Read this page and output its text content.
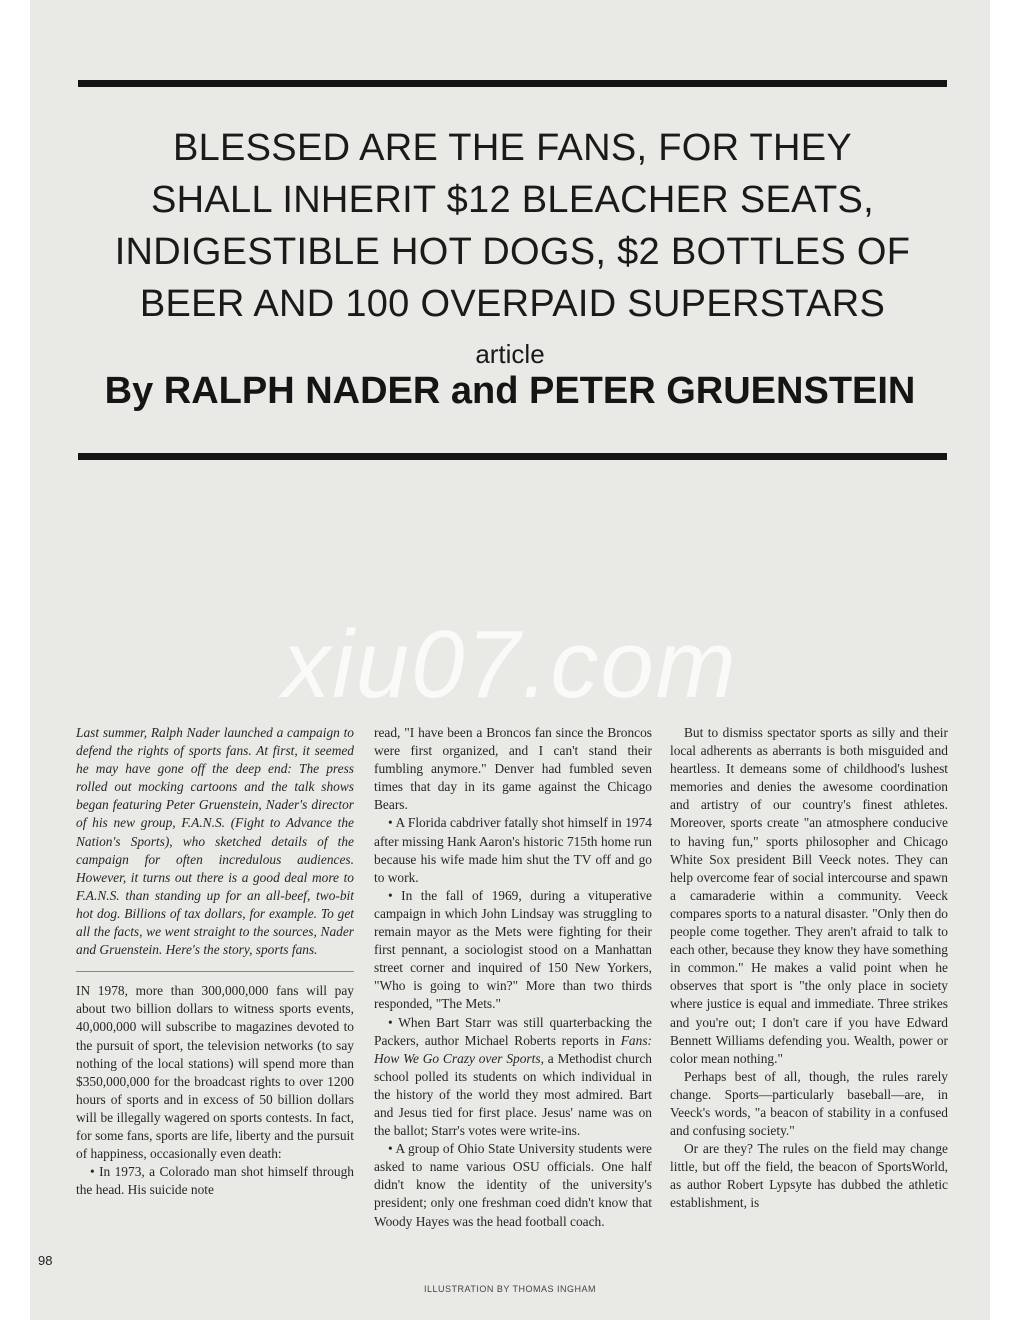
BLESSED ARE THE FANS, FOR THEY
SHALL INHERIT $12 BLEACHER SEATS,
INDIGESTIBLE HOT DOGS, $2 BOTTLES OF
BEER AND 100 OVERPAID SUPERSTARS
article
By RALPH NADER and PETER GRUENSTEIN
xiu07.com

Last summer, Ralph Nader launched a campaign to defend the rights of sports fans. At first, it seemed he may have gone off the deep end: The press rolled out mocking cartoons and the talk shows began featuring Peter Gruenstein, Nader's director of his new group, F.A.N.S. (Fight to Advance the Nation's Sports), who sketched details of the campaign for often incredulous audiences. However, it turns out there is a good deal more to F.A.N.S. than standing up for an all-beef, two-bit hot dog. Billions of tax dollars, for example. To get all the facts, we went straight to the sources, Nader and Gruenstein. Here's the story, sports fans.

IN 1978, more than 300,000,000 fans will pay about two billion dollars to witness sports events, 40,000,000 will subscribe to magazines devoted to the pursuit of sport, the television networks (to say nothing of the local stations) will spend more than $350,000,000 for the broadcast rights to over 1200 hours of sports and in excess of 50 billion dollars will be illegally wagered on sports contests. In fact, for some fans, sports are life, liberty and the pursuit of happiness, occasionally even death:

• In 1973, a Colorado man shot himself through the head. His suicide note

read, "I have been a Broncos fan since the Broncos were first organized, and I can't stand their fumbling anymore." Denver had fumbled seven times that day in its game against the Chicago Bears.

• A Florida cabdriver fatally shot himself in 1974 after missing Hank Aaron's historic 715th home run because his wife made him shut the TV off and go to work.

• In the fall of 1969, during a vituperative campaign in which John Lindsay was struggling to remain mayor as the Mets were fighting for their first pennant, a sociologist stood on a Manhattan street corner and inquired of 150 New Yorkers, "Who is going to win?" More than two thirds responded, "The Mets."

• When Bart Starr was still quarterbacking the Packers, author Michael Roberts reports in Fans: How We Go Crazy over Sports, a Methodist church school polled its students on which individual in the history of the world they most admired. Bart and Jesus tied for first place. Jesus' name was on the ballot; Starr's votes were write-ins.

• A group of Ohio State University students were asked to name various OSU officials. One half didn't know the identity of the university's president; only one freshman coed didn't know that Woody Hayes was the head football coach.

But to dismiss spectator sports as silly and their local adherents as aberrants is both misguided and heartless. It demeans some of childhood's lushest memories and denies the awesome coordination and artistry of our country's finest athletes. Moreover, sports create "an atmosphere conducive to having fun," sports philosopher and Chicago White Sox president Bill Veeck notes. They can help overcome fear of social intercourse and spawn a camaraderie within a community. Veeck compares sports to a natural disaster. "Only then do people come together. They aren't afraid to talk to each other, because they know they have something in common." He makes a valid point when he observes that sport is "the only place in society where justice is equal and immediate. Three strikes and you're out; I don't care if you have Edward Bennett Williams defending you. Wealth, power or color mean nothing."

Perhaps best of all, though, the rules rarely change. Sports—particularly baseball—are, in Veeck's words, "a beacon of stability in a confused and confusing society."

Or are they? The rules on the field may change little, but off the field, the beacon of SportsWorld, as author Robert Lypsyte has dubbed the athletic establishment, is

98
ILLUSTRATION BY THOMAS INGHAM
